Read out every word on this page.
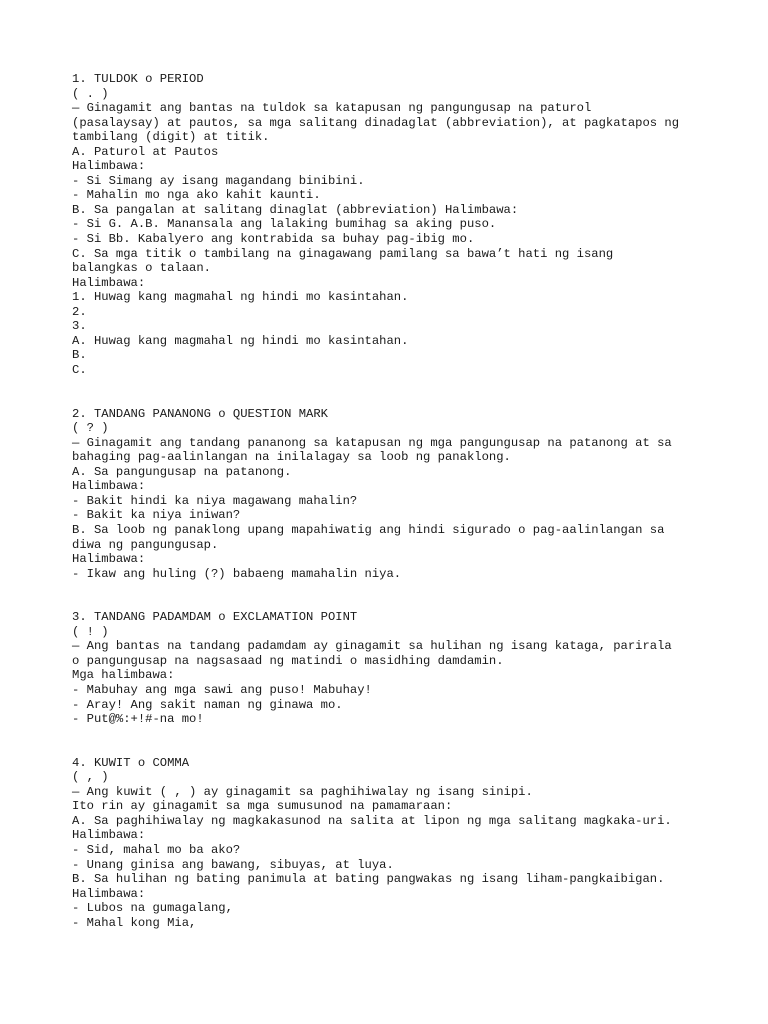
1. TULDOK o PERIOD
( . )
— Ginagamit ang bantas na tuldok sa katapusan ng pangungusap na paturol
(pasalaysay) at pautos, sa mga salitang dinadaglat (abbreviation), at pagkatapos ng
tambilang (digit) at titik.
A. Paturol at Pautos
Halimbawa:
- Si Simang ay isang magandang binibini.
- Mahalin mo nga ako kahit kaunti.
B. Sa pangalan at salitang dinaglat (abbreviation) Halimbawa:
- Si G. A.B. Manansala ang lalaking bumihag sa aking puso.
- Si Bb. Kabalyero ang kontrabida sa buhay pag-ibig mo.
C. Sa mga titik o tambilang na ginagawang pamilang sa bawa’t hati ng isang
balangkas o talaan.
Halimbawa:
1. Huwag kang magmahal ng hindi mo kasintahan.
2.
3.
A. Huwag kang magmahal ng hindi mo kasintahan.
B.
C.
2. TANDANG PANANONG o QUESTION MARK
( ? )
— Ginagamit ang tandang pananong sa katapusan ng mga pangungusap na patanong at sa
bahaging pag-aalinlangan na inilalagay sa loob ng panaklong.
A. Sa pangungusap na patanong.
Halimbawa:
- Bakit hindi ka niya magawang mahalin?
- Bakit ka niya iniwan?
B. Sa loob ng panaklong upang mapahiwatig ang hindi sigurado o pag-aalinlangan sa
diwa ng pangungusap.
Halimbawa:
- Ikaw ang huling (?) babaeng mamahalin niya.
3. TANDANG PADAMDAM o EXCLAMATION POINT
( ! )
— Ang bantas na tandang padamdam ay ginagamit sa hulihan ng isang kataga, parirala
o pangungusap na nagsasaad ng matindi o masidhing damdamin.
Mga halimbawa:
- Mabuhay ang mga sawi ang puso! Mabuhay!
- Aray! Ang sakit naman ng ginawa mo.
- Put@%:+!#-na mo!
4. KUWIT o COMMA
( , )
— Ang kuwit ( , ) ay ginagamit sa paghihiwalay ng isang sinipi.
Ito rin ay ginagamit sa mga sumusunod na pamamaraan:
A. Sa paghihiwalay ng magkakasunod na salita at lipon ng mga salitang magkaka-uri.
Halimbawa:
- Sid, mahal mo ba ako?
- Unang ginisa ang bawang, sibuyas, at luya.
B. Sa hulihan ng bating panimula at bating pangwakas ng isang liham-pangkaibigan.
Halimbawa:
- Lubos na gumagalang,
- Mahal kong Mia,
